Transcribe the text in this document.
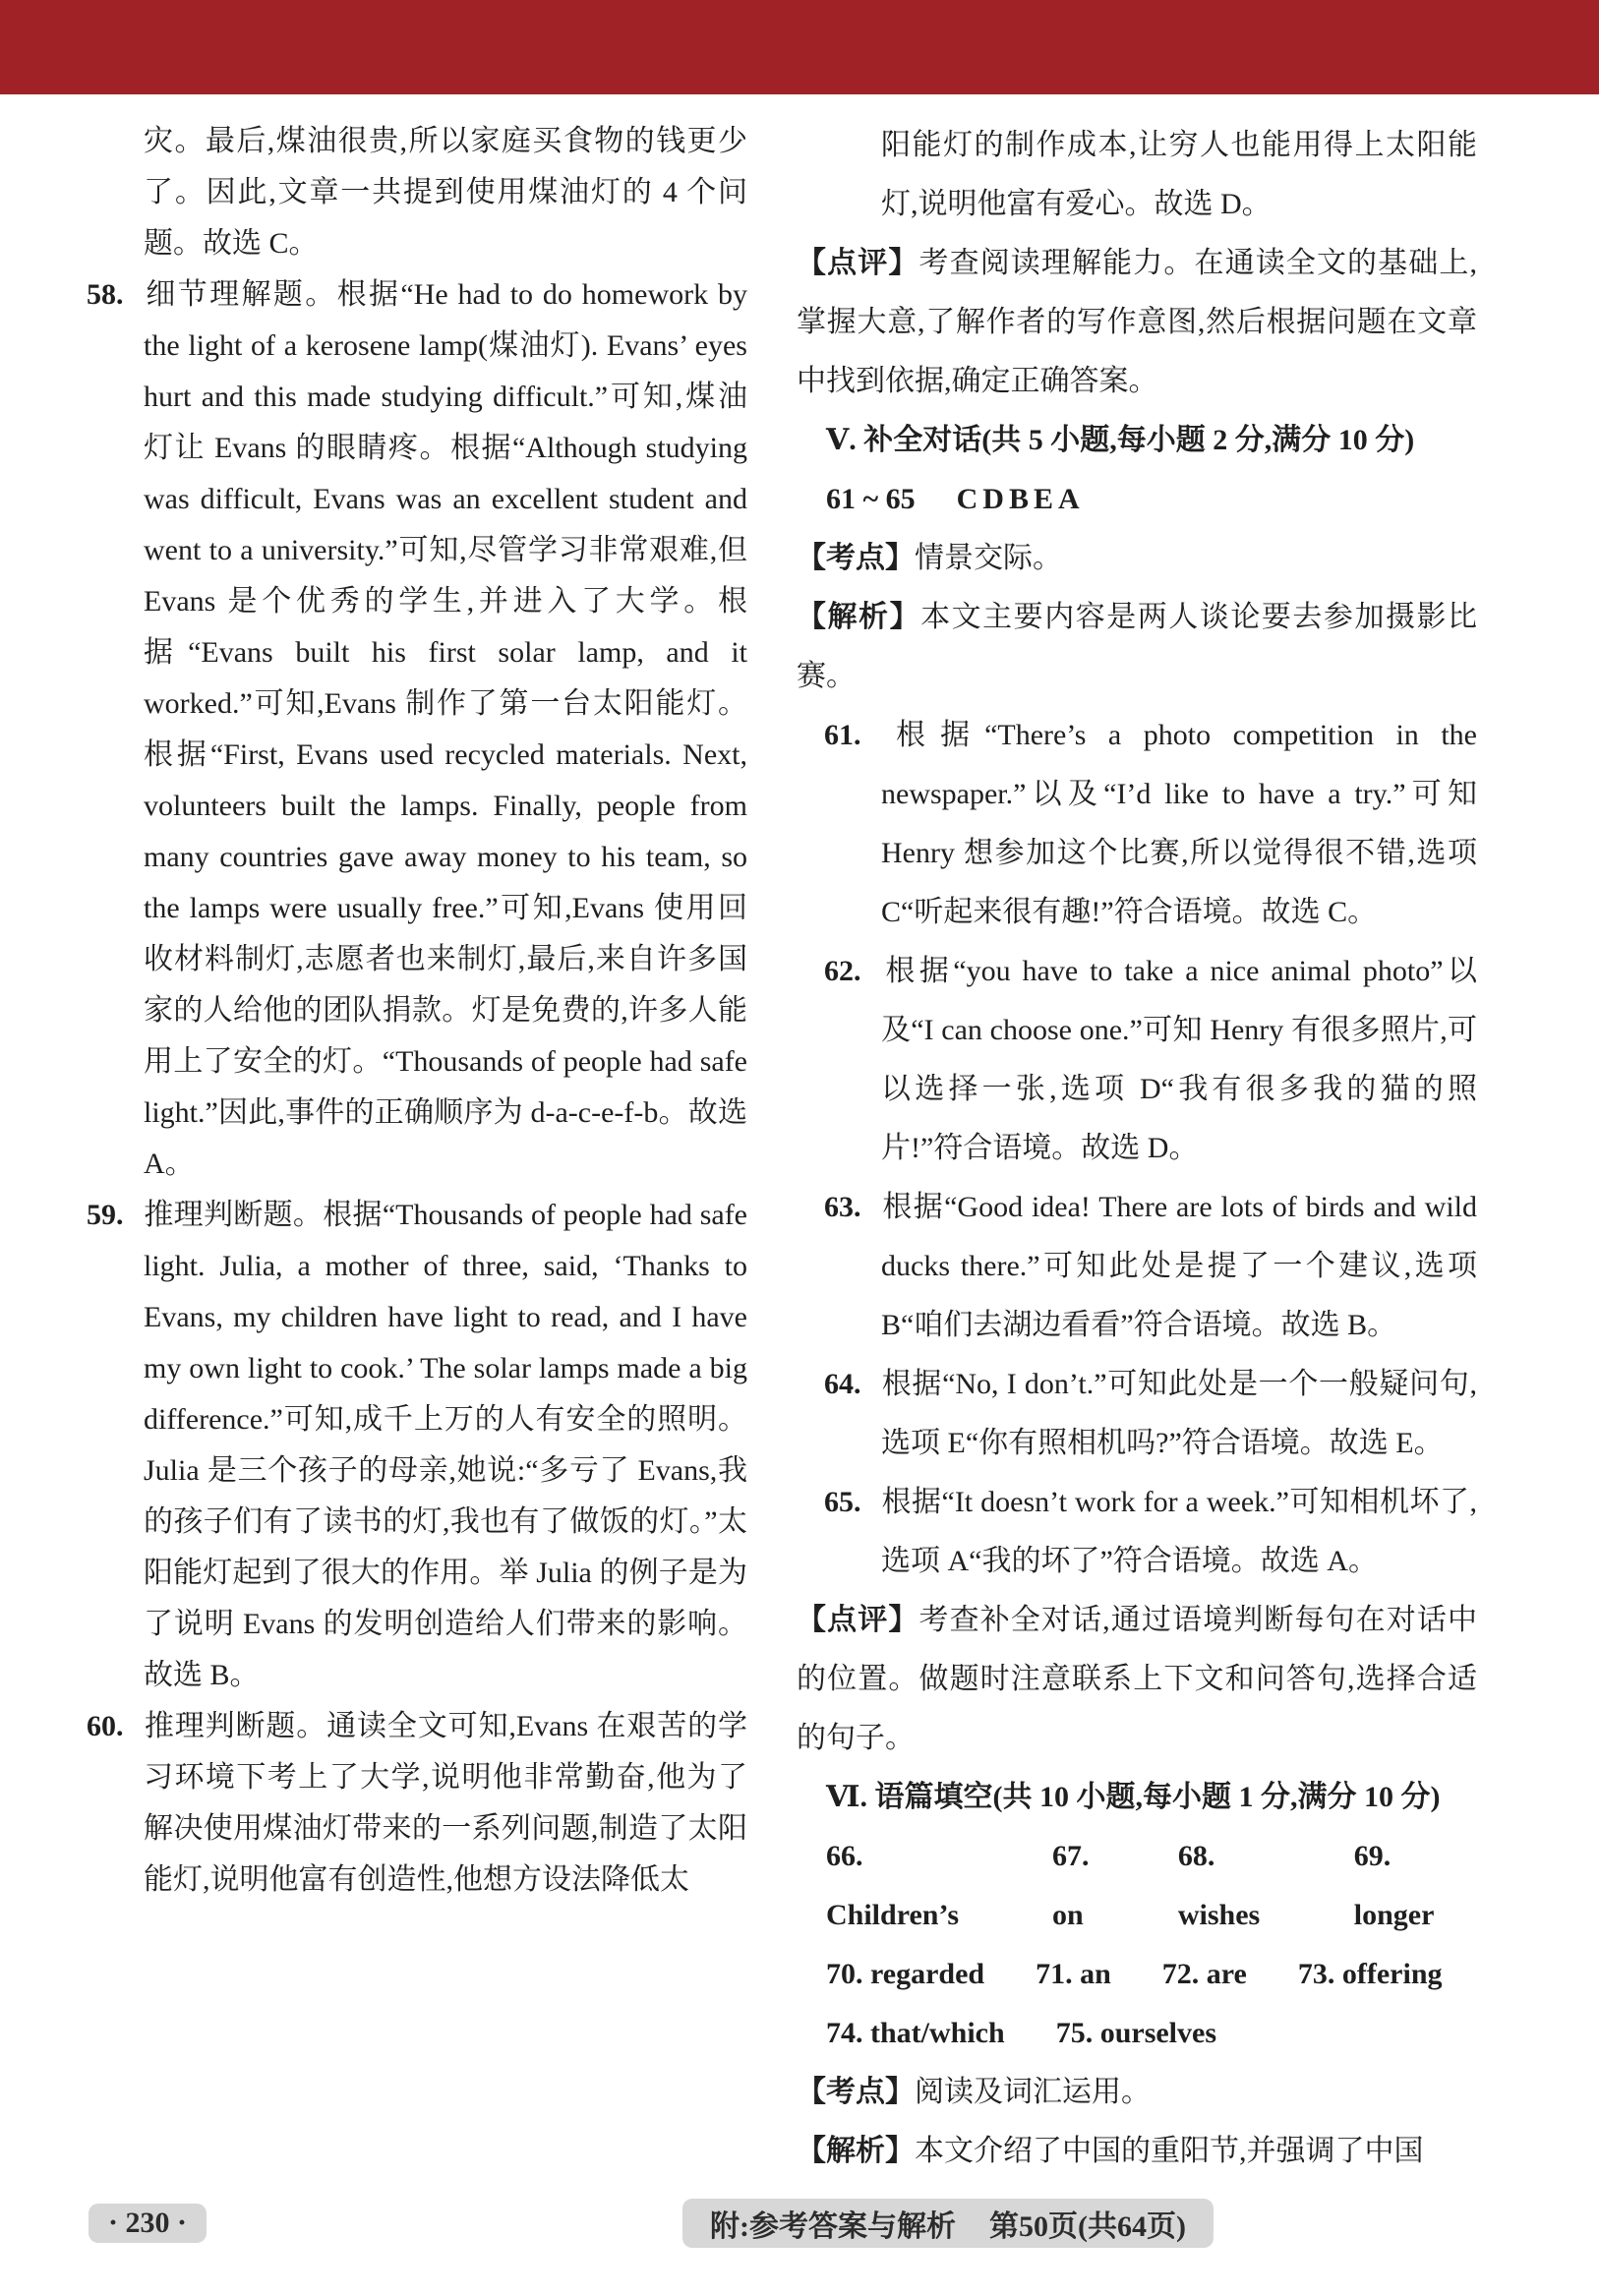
灾。最后,煤油很贵,所以家庭买食物的钱更少了。因此,文章一共提到使用煤油灯的 4 个问题。故选 C。
58. 细节理解题。根据“He had to do homework by the light of a kerosene lamp(煤油灯). Evans’ eyes hurt and this made studying difficult.”可知,煤油灯让 Evans 的眼睛疼。根据“Although studying was difficult, Evans was an excellent student and went to a university.”可知,尽管学习非常艰难,但 Evans 是个优秀的学生,并进入了大学。根据“Evans built his first solar lamp, and it worked.”可知,Evans 制作了第一台太阳能灯。根据“First, Evans used recycled materials. Next, volunteers built the lamps. Finally, people from many countries gave away money to his team, so the lamps were usually free.”可知,Evans 使用回收材料制灯,志愿者也来制灯,最后,来自许多国家的人给他的团队捐款。灯是免费的,许多人能用上了安全的灯。“Thousands of people had safe light.”因此,事件的正确顺序为 d-a-c-e-f-b。故选 A。
59. 推理判断题。根据“Thousands of people had safe light. Julia, a mother of three, said, ‘Thanks to Evans, my children have light to read, and I have my own light to cook.’ The solar lamps made a big difference.”可知,成千上万的人有安全的照明。Julia 是三个孩子的母亲,她说:“多亏了 Evans,我的孩子们有了读书的灯,我也有了做饭的灯。”太阳能灯起到了很大的作用。举 Julia 的例子是为了说明 Evans 的发明创造给人们带来的影响。故选 B。
60. 推理判断题。通读全文可知,Evans 在艰苦的学习环境下考上了大学,说明他非常勤奋,他为了解决使用煤油灯带来的一系列问题,制造了太阳能灯,说明他富有创造性,他想方设法降低太
阳能灯的制作成本,让穷人也能用得上太阳能灯,说明他富有爱心。故选 D。
【点评】考查阅读理解能力。在通读全文的基础上,掌握大意,了解作者的写作意图,然后根据问题在文章中找到依据,确定正确答案。
Ⅴ. 补全对话(共 5 小题,每小题 2 分,满分 10 分)
61 ~ 65 CDBEA
【考点】情景交际。
【解析】本文主要内容是两人谈论要去参加摄影比赛。
61. 根据“There’s a photo competition in the newspaper.”以及“I’d like to have a try.”可知 Henry 想参加这个比赛,所以觉得很不错,选项 C“听起来很有趣!”符合语境。故选 C。
62. 根据“you have to take a nice animal photo”以及“I can choose one.”可知 Henry 有很多照片,可以选择一张,选项 D“我有很多我的猫的照片!”符合语境。故选 D。
63. 根据“Good idea! There are lots of birds and wild ducks there.”可知此处是提了一个建议,选项 B“咱们去湖边看看”符合语境。故选 B。
64. 根据“No, I don’t.”可知此处是一个一般疑问句,选项 E“你有照相机吗?”符合语境。故选 E。
65. 根据“It doesn’t work for a week.”可知相机坏了,选项 A“我的坏了”符合语境。故选 A。
【点评】考查补全对话,通过语境判断每句在对话中的位置。做题时注意联系上下文和问答句,选择合适的句子。
Ⅵ. 语篇填空(共 10 小题,每小题 1 分,满分 10 分)
66. Children’s
67. on
68. wishes
69. longer
70. regarded 71. an 72. are 73. offering
74. that/which 75. ourselves
【考点】阅读及词汇运用。
【解析】本文介绍了中国的重阳节,并强调了中国
· 230 ·	附:参考答案与解析 第50页(共64页)
